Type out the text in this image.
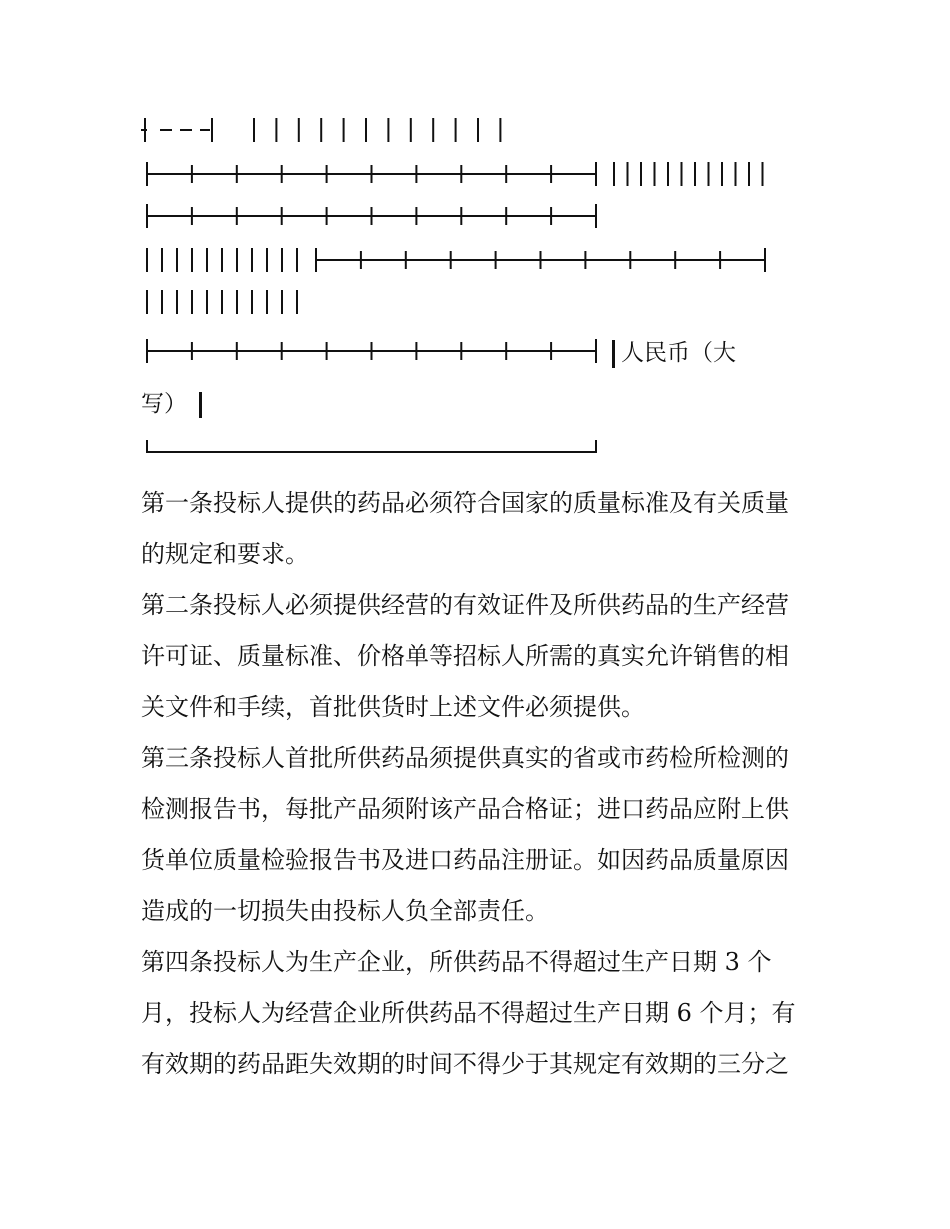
人民币（大
写）

第一条投标人提供的药品必须符合国家的质量标准及有关质量

的规定和要求。

第二条投标人必须提供经营的有效证件及所供药品的生产经营

许可证、质量标准、价格单等招标人所需的真实允许销售的相

关文件和手续，首批供货时上述文件必须提供。

第三条投标人首批所供药品须提供真实的省或市药检所检测的

检测报告书，每批产品须附该产品合格证；进口药品应附上供

货单位质量检验报告书及进口药品注册证。如因药品质量原因

造成的一切损失由投标人负全部责任。

第四条投标人为生产企业，所供药品不得超过生产日期 3 个

月，投标人为经营企业所供药品不得超过生产日期 6 个月；有

有效期的药品距失效期的时间不得少于其规定有效期的三分之
